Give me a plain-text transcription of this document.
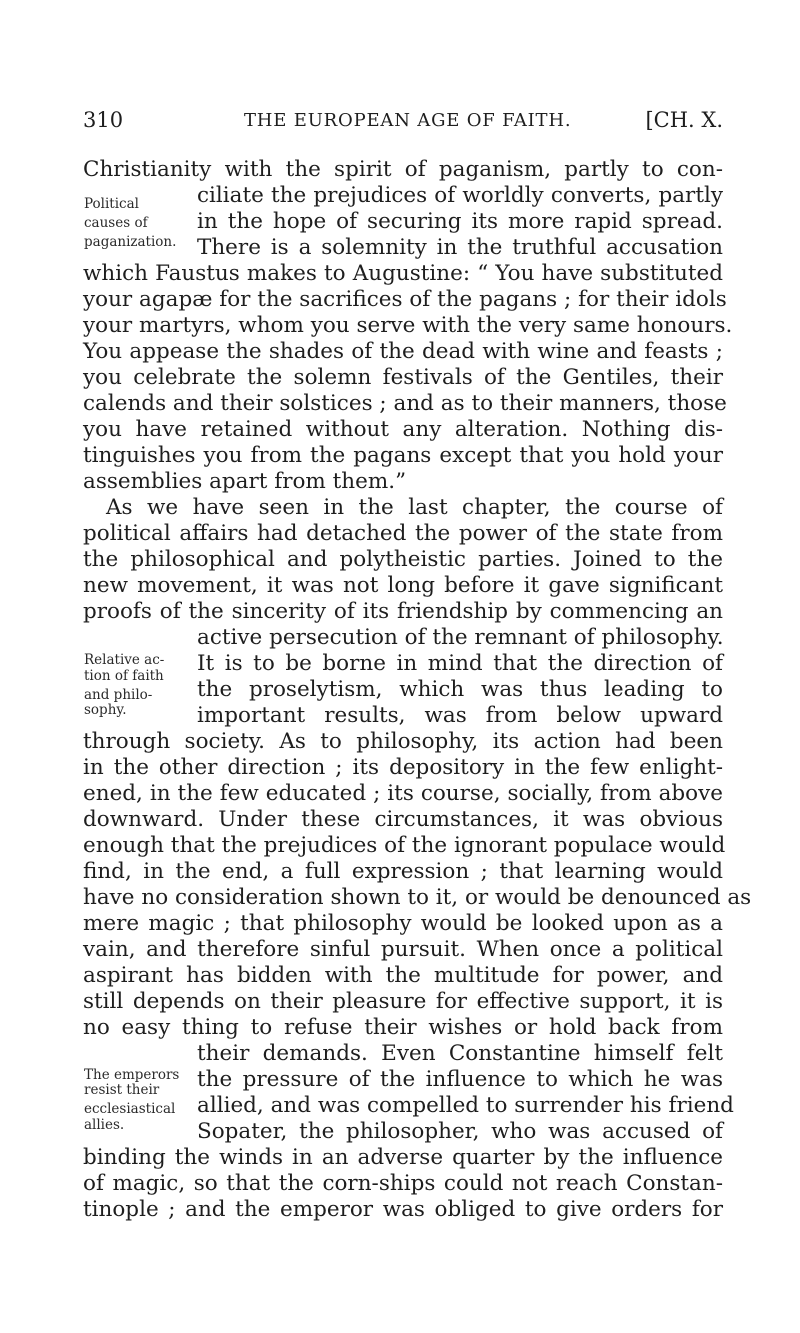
310	THE EUROPEAN AGE OF FAITH.	[CH. X.
Christianity with the spirit of paganism, partly to con-
ciliate the prejudices of worldly converts, partly
in the hope of securing its more rapid spread.
There is a solemnity in the truthful accusation
which Faustus makes to Augustine: “ You have substituted
your agapæ for the sacrifices of the pagans ; for their idols
your martyrs, whom you serve with the very same honours.
You appease the shades of the dead with wine and feasts ;
you celebrate the solemn festivals of the Gentiles, their
calends and their solstices ; and as to their manners, those
you have retained without any alteration. Nothing dis-
tinguishes you from the pagans except that you hold your
assemblies apart from them.”
As we have seen in the last chapter, the course of
political affairs had detached the power of the state from
the philosophical and polytheistic parties. Joined to the
new movement, it was not long before it gave significant
proofs of the sincerity of its friendship by commencing an
active persecution of the remnant of philosophy.
It is to be borne in mind that the direction of
the proselytism, which was thus leading to
important results, was from below upward
through society. As to philosophy, its action had been
in the other direction ; its depository in the few enlight-
ened, in the few educated ; its course, socially, from above
downward. Under these circumstances, it was obvious
enough that the prejudices of the ignorant populace would
find, in the end, a full expression ; that learning would
have no consideration shown to it, or would be denounced as
mere magic ; that philosophy would be looked upon as a
vain, and therefore sinful pursuit. When once a political
aspirant has bidden with the multitude for power, and
still depends on their pleasure for effective support, it is
no easy thing to refuse their wishes or hold back from
their demands. Even Constantine himself felt
the pressure of the influence to which he was
allied, and was compelled to surrender his friend
Sopater, the philosopher, who was accused of
binding the winds in an adverse quarter by the influence
of magic, so that the corn-ships could not reach Constan-
tinople ; and the emperor was obliged to give orders for
Political
causes of
paganization.
Relative ac-
tion of faith
and philo-
sophy.
The emperors
resist their
ecclesiastical
allies.
